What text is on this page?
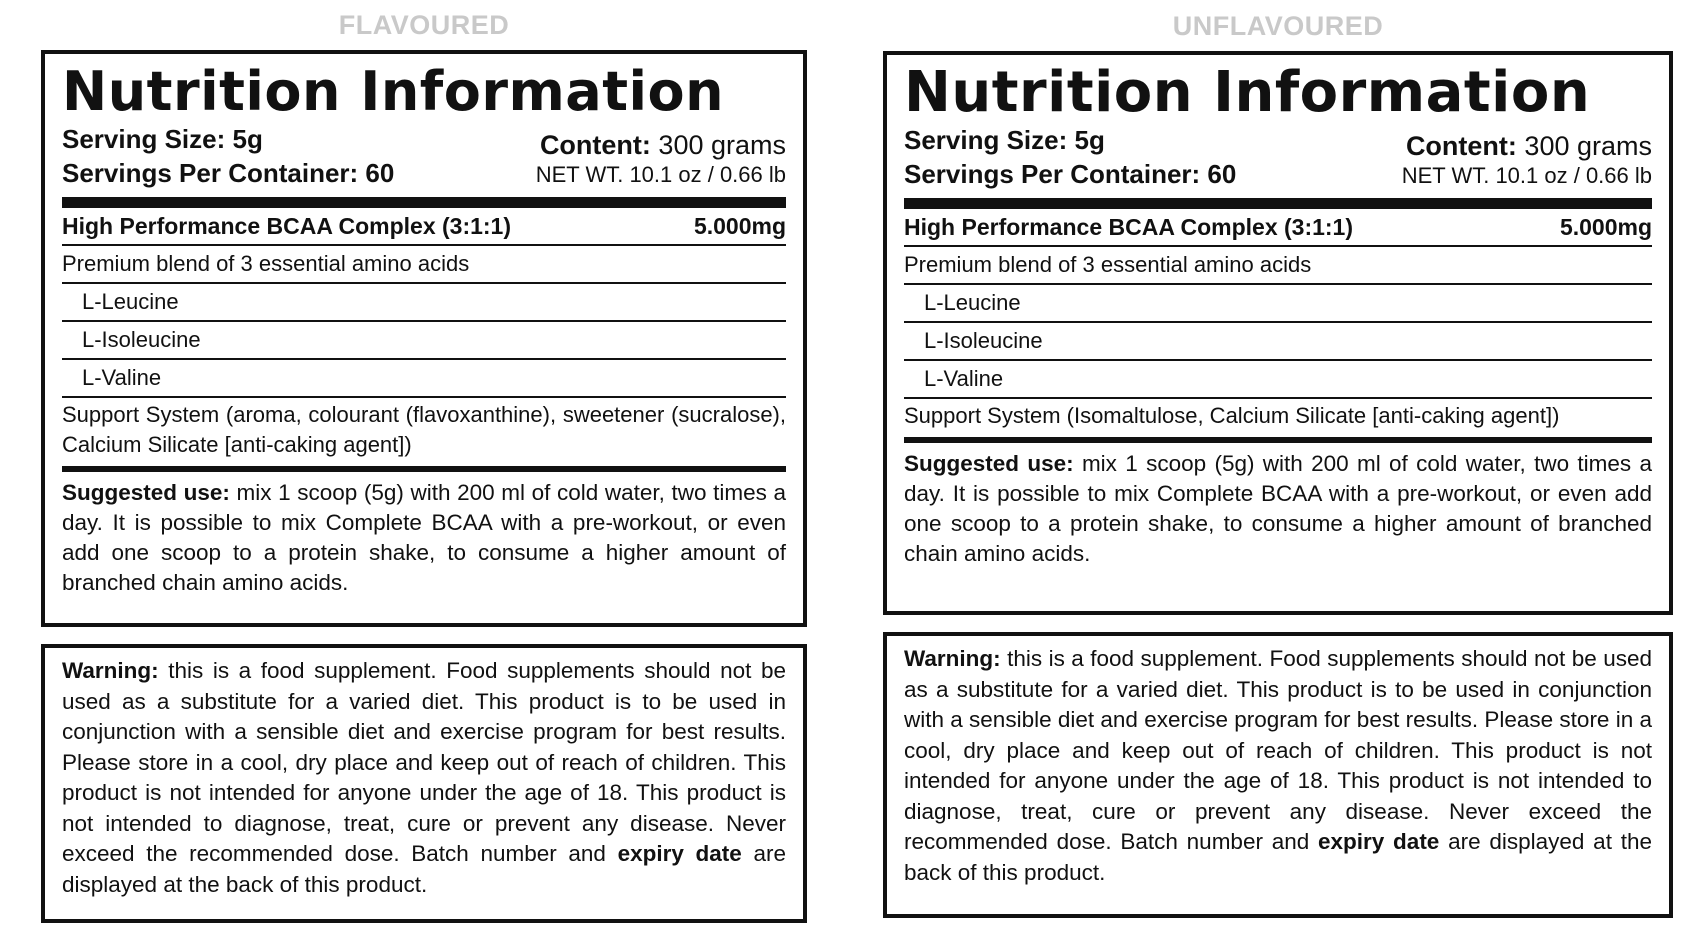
FLAVOURED
Nutrition Information
Serving Size: 5g
Servings Per Container: 60
Content: 300 grams
NET WT. 10.1 oz / 0.66 lb
High Performance BCAA Complex (3:1:1)	5.000mg
Premium blend of 3 essential amino acids
L-Leucine
L-Isoleucine
L-Valine
Support System (aroma, colourant (flavoxanthine), sweetener (sucralose), Calcium Silicate [anti-caking agent])
Suggested use: mix 1 scoop (5g) with 200 ml of cold water, two times a day. It is possible to mix Complete BCAA with a pre-workout, or even add one scoop to a protein shake, to consume a higher amount of branched chain amino acids.
Warning: this is a food supplement. Food supplements should not be used as a substitute for a varied diet. This product is to be used in conjunction with a sensible diet and exercise program for best results. Please store in a cool, dry place and keep out of reach of children. This product is not intended for anyone under the age of 18. This product is not intended to diagnose, treat, cure or prevent any disease. Never exceed the recommended dose. Batch number and expiry date are displayed at the back of this product.
UNFLAVOURED
Nutrition Information
Serving Size: 5g
Servings Per Container: 60
Content: 300 grams
NET WT. 10.1 oz / 0.66 lb
High Performance BCAA Complex (3:1:1)	5.000mg
Premium blend of 3 essential amino acids
L-Leucine
L-Isoleucine
L-Valine
Support System (Isomaltulose, Calcium Silicate [anti-caking agent])
Suggested use: mix 1 scoop (5g) with 200 ml of cold water, two times a day. It is possible to mix Complete BCAA with a pre-workout, or even add one scoop to a protein shake, to consume a higher amount of branched chain amino acids.
Warning: this is a food supplement. Food supplements should not be used as a substitute for a varied diet. This product is to be used in conjunction with a sensible diet and exercise program for best results. Please store in a cool, dry place and keep out of reach of children. This product is not intended for anyone under the age of 18. This product is not intended to diagnose, treat, cure or prevent any disease. Never exceed the recommended dose. Batch number and expiry date are displayed at the back of this product.
